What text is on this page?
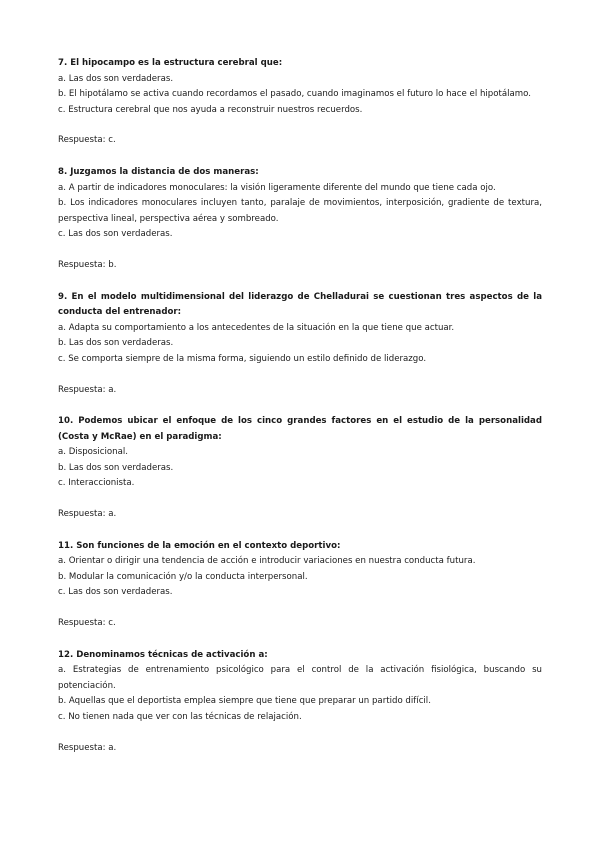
7. El hipocampo es la estructura cerebral que:
a. Las dos son verdaderas.
b. El hipotálamo se activa cuando recordamos el pasado, cuando imaginamos el futuro lo hace el hipotálamo.
c. Estructura cerebral que nos ayuda a reconstruir nuestros recuerdos.
Respuesta: c.
8. Juzgamos la distancia de dos maneras:
a. A partir de indicadores monoculares: la visión ligeramente diferente del mundo que tiene cada ojo.
b. Los indicadores monoculares incluyen tanto, paralaje de movimientos, interposición, gradiente de textura, perspectiva lineal, perspectiva aérea y sombreado.
c. Las dos son verdaderas.
Respuesta: b.
9. En el modelo multidimensional del liderazgo de Chelladurai se cuestionan tres aspectos de la conducta del entrenador:
a. Adapta su comportamiento a los antecedentes de la situación en la que tiene que actuar.
b. Las dos son verdaderas.
c. Se comporta siempre de la misma forma, siguiendo un estilo definido de liderazgo.
Respuesta: a.
10. Podemos ubicar el enfoque de los cinco grandes factores en el estudio de la personalidad (Costa y McRae) en el paradigma:
a. Disposicional.
b. Las dos son verdaderas.
c. Interaccionista.
Respuesta: a.
11. Son funciones de la emoción en el contexto deportivo:
a. Orientar o dirigir una tendencia de acción e introducir variaciones en nuestra conducta futura.
b. Modular la comunicación y/o la conducta interpersonal.
c. Las dos son verdaderas.
Respuesta: c.
12. Denominamos técnicas de activación a:
a. Estrategias de entrenamiento psicológico para el control de la activación fisiológica, buscando su potenciación.
b. Aquellas que el deportista emplea siempre que tiene que preparar un partido difícil.
c. No tienen nada que ver con las técnicas de relajación.
Respuesta: a.
